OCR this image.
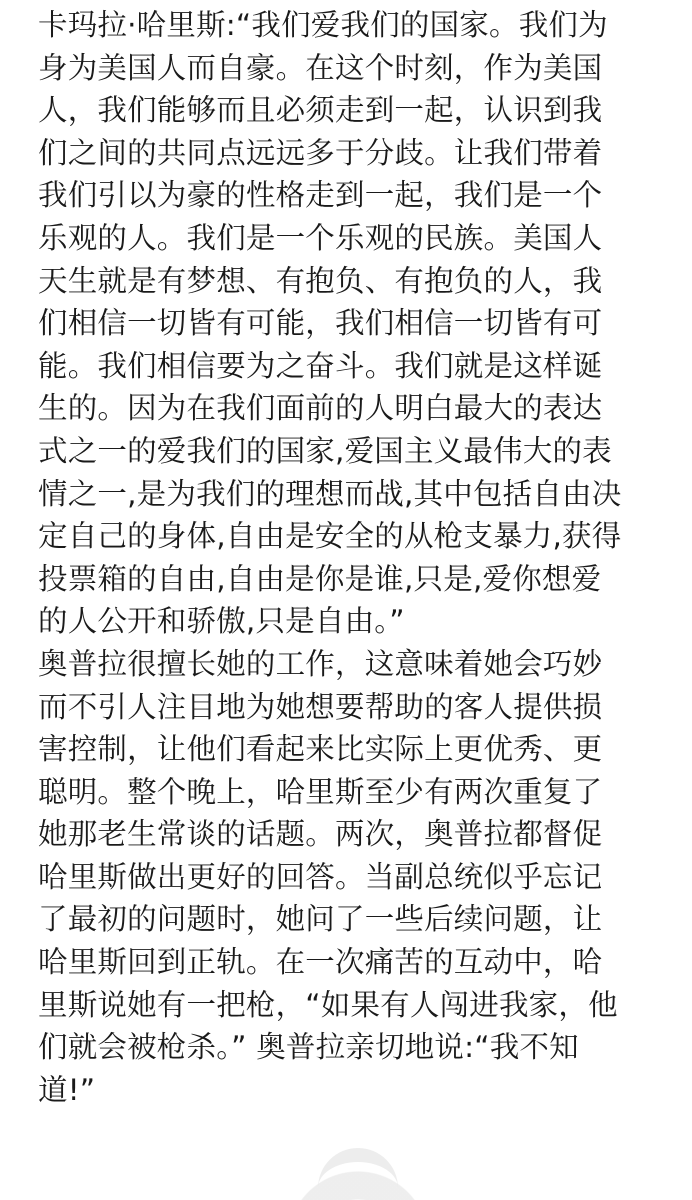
卡玛拉·哈里斯:“我们爱我们的国家。我们为
身为美国人而自豪。在这个时刻，作为美国
人，我们能够而且必须走到一起，认识到我
们之间的共同点远远多于分歧。让我们带着
我们引以为豪的性格走到一起，我们是一个
乐观的人。我们是一个乐观的民族。美国人
天生就是有梦想、有抱负、有抱负的人，我
们相信一切皆有可能，我们相信一切皆有可
能。我们相信要为之奋斗。我们就是这样诞
生的。因为在我们面前的人明白最大的表达
式之一的爱我们的国家,爱国主义最伟大的表
情之一,是为我们的理想而战,其中包括自由决
定自己的身体,自由是安全的从枪支暴力,获得
投票箱的自由,自由是你是谁,只是,爱你想爱
的人公开和骄傲,只是自由。”

奥普拉很擅长她的工作，这意味着她会巧妙
而不引人注目地为她想要帮助的客人提供损
害控制，让他们看起来比实际上更优秀、更
聪明。整个晚上，哈里斯至少有两次重复了
她那老生常谈的话题。两次，奥普拉都督促
哈里斯做出更好的回答。当副总统似乎忘记
了最初的问题时，她问了一些后续问题，让
哈里斯回到正轨。在一次痛苦的互动中，哈
里斯说她有一把枪，“如果有人闯进我家，他
们就会被枪杀。” 奥普拉亲切地说:“我不知
道!”
